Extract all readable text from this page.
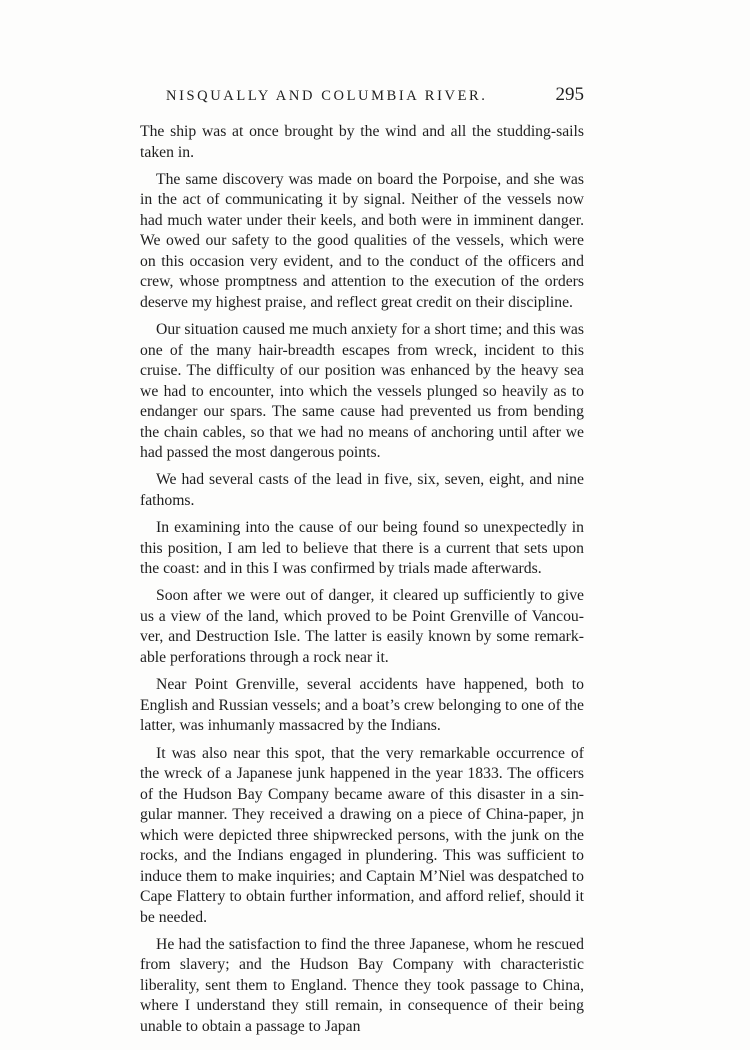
NISQUALLY AND COLUMBIA RIVER.	295

The ship was at once brought by the wind and all the studding-sails taken in.

The same discovery was made on board the Porpoise, and she was in the act of communicating it by signal. Neither of the vessels now had much water under their keels, and both were in imminent danger. We owed our safety to the good qualities of the vessels, which were on this occasion very evident, and to the conduct of the officers and crew, whose promptness and attention to the execution of the orders deserve my highest praise, and reflect great credit on their discipline.

Our situation caused me much anxiety for a short time; and this was one of the many hair-breadth escapes from wreck, incident to this cruise. The difficulty of our position was enhanced by the heavy sea we had to encounter, into which the vessels plunged so heavily as to endanger our spars. The same cause had prevented us from bending the chain cables, so that we had no means of anchoring until after we had passed the most dangerous points.

We had several casts of the lead in five, six, seven, eight, and nine fathoms.

In examining into the cause of our being found so unexpectedly in this position, I am led to believe that there is a current that sets upon the coast: and in this I was confirmed by trials made afterwards.

Soon after we were out of danger, it cleared up sufficiently to give us a view of the land, which proved to be Point Grenville of Vancouver, and Destruction Isle. The latter is easily known by some remarkable perforations through a rock near it.

Near Point Grenville, several accidents have happened, both to English and Russian vessels; and a boat’s crew belonging to one of the latter, was inhumanly massacred by the Indians.

It was also near this spot, that the very remarkable occurrence of the wreck of a Japanese junk happened in the year 1833. The officers of the Hudson Bay Company became aware of this disaster in a singular manner. They received a drawing on a piece of China-paper, jn which were depicted three shipwrecked persons, with the junk on the rocks, and the Indians engaged in plundering. This was sufficient to induce them to make inquiries; and Captain M’Niel was despatched to Cape Flattery to obtain further information, and afford relief, should it be needed.

He had the satisfaction to find the three Japanese, whom he rescued from slavery; and the Hudson Bay Company with characteristic liberality, sent them to England. Thence they took passage to China, where I understand they still remain, in consequence of their being unable to obtain a passage to Japan
